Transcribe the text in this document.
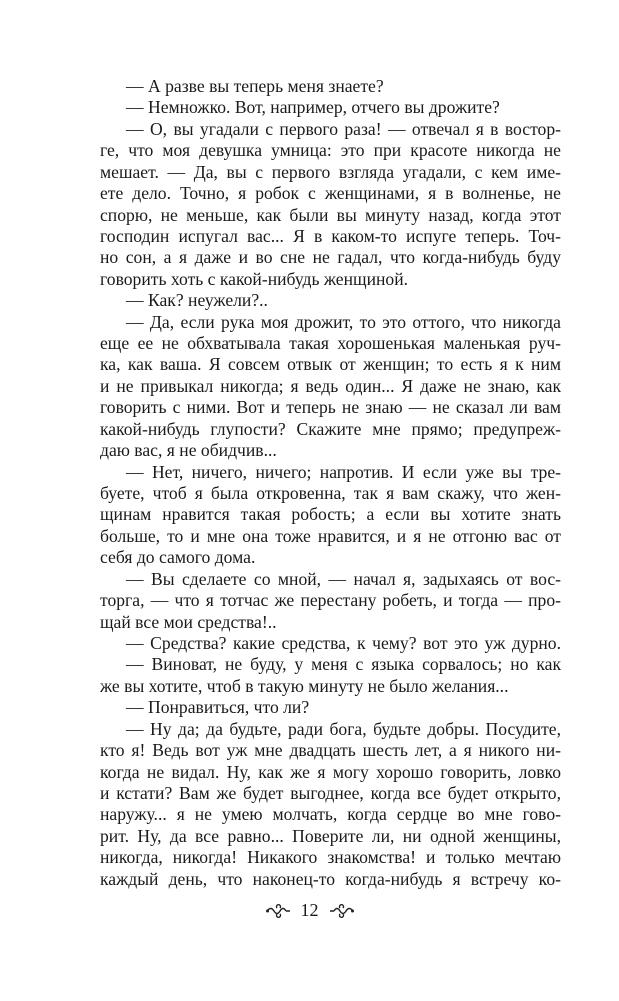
— А разве вы теперь меня знаете?
— Немножко. Вот, например, отчего вы дрожите?
— О, вы угадали с первого раза! — отвечал я в востор-
ге, что моя девушка умница: это при красоте никогда не
мешает. — Да, вы с первого взгляда угадали, с кем име-
ете дело. Точно, я робок с женщинами, я в волненье, не
спорю, не меньше, как были вы минуту назад, когда этот
господин испугал вас... Я в каком-то испуге теперь. Точ-
но сон, а я даже и во сне не гадал, что когда-нибудь буду
говорить хоть с какой-нибудь женщиной.
— Как? неужели?..
— Да, если рука моя дрожит, то это оттого, что никогда
еще ее не обхватывала такая хорошенькая маленькая руч-
ка, как ваша. Я совсем отвык от женщин; то есть я к ним
и не привыкал никогда; я ведь один... Я даже не знаю, как
говорить с ними. Вот и теперь не знаю — не сказал ли вам
какой-нибудь глупости? Скажите мне прямо; предупреж-
даю вас, я не обидчив...
— Нет, ничего, ничего; напротив. И если уже вы тре-
буете, чтоб я была откровенна, так я вам скажу, что жен-
щинам нравится такая робость; а если вы хотите знать
больше, то и мне она тоже нравится, и я не отгоню вас от
себя до самого дома.
— Вы сделаете со мной, — начал я, задыхаясь от вос-
торга, — что я тотчас же перестану робеть, и тогда — про-
щай все мои средства!..
— Средства? какие средства, к чему? вот это уж дурно.
— Виноват, не буду, у меня с языка сорвалось; но как
же вы хотите, чтоб в такую минуту не было желания...
— Понравиться, что ли?
— Ну да; да будьте, ради бога, будьте добры. Посудите,
кто я! Ведь вот уж мне двадцать шесть лет, а я никого ни-
когда не видал. Ну, как же я могу хорошо говорить, ловко
и кстати? Вам же будет выгоднее, когда все будет открыто,
наружу... я не умею молчать, когда сердце во мне гово-
рит. Ну, да все равно... Поверите ли, ни одной женщины,
никогда, никогда! Никакого знакомства! и только мечтаю
каждый день, что наконец-то когда-нибудь я встречу ко-
12
